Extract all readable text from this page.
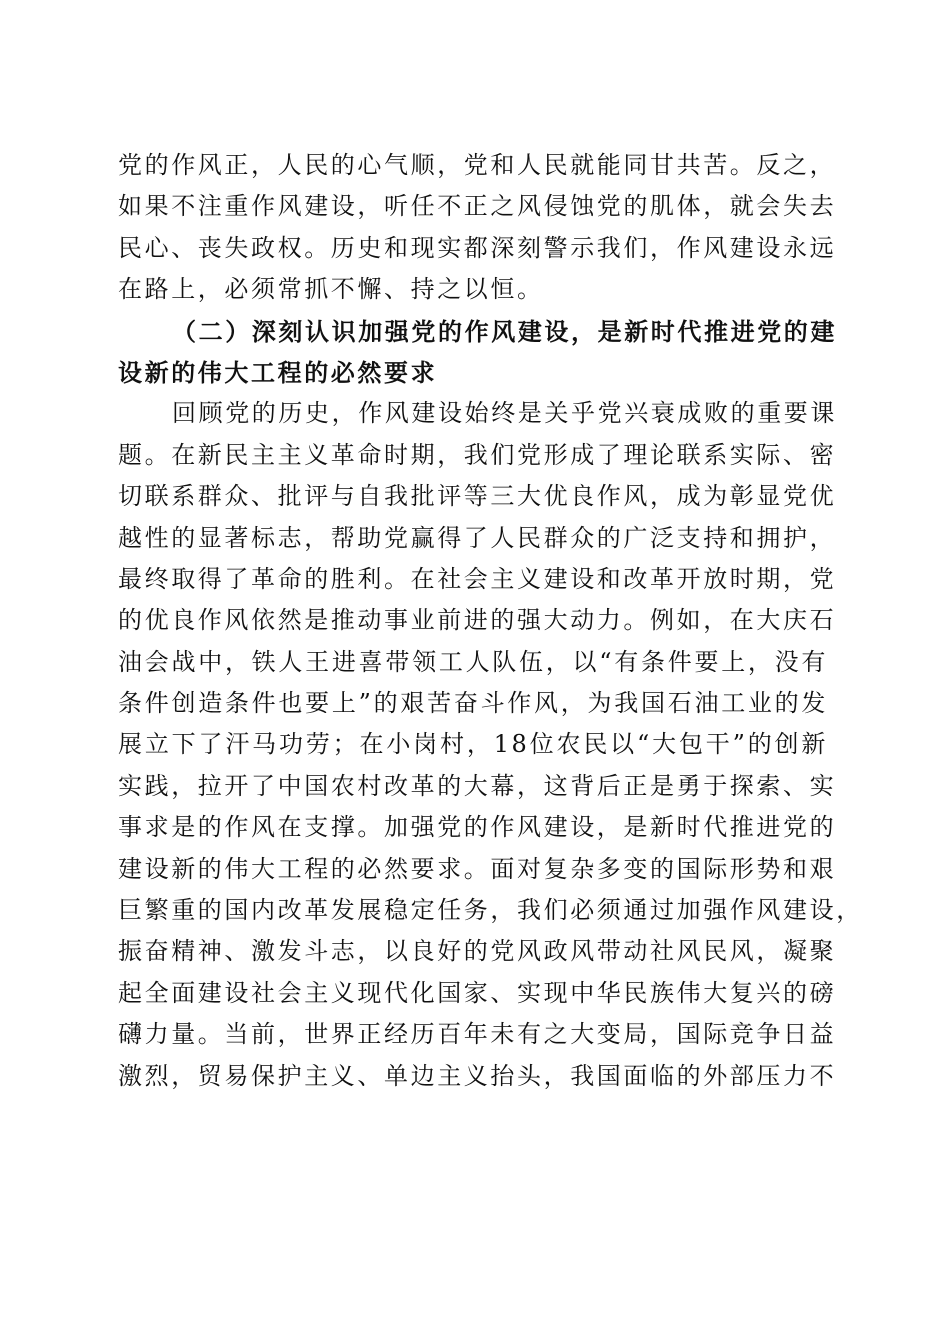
党的作风正，人民的心气顺，党和人民就能同甘共苦。反之，
如果不注重作风建设，听任不正之风侵蚀党的肌体，就会失去
民心、丧失政权。历史和现实都深刻警示我们，作风建设永远
在路上，必须常抓不懈、持之以恒。
（二）深刻认识加强党的作风建设，是新时代推进党的建
设新的伟大工程的必然要求
回顾党的历史，作风建设始终是关乎党兴衰成败的重要课
题。在新民主主义革命时期，我们党形成了理论联系实际、密
切联系群众、批评与自我批评等三大优良作风，成为彰显党优
越性的显著标志，帮助党赢得了人民群众的广泛支持和拥护，
最终取得了革命的胜利。在社会主义建设和改革开放时期，党
的优良作风依然是推动事业前进的强大动力。例如，在大庆石
油会战中，铁人王进喜带领工人队伍，以“有条件要上，没有
条件创造条件也要上”的艰苦奋斗作风，为我国石油工业的发
展立下了汗马功劳；在小岗村，18位农民以“大包干”的创新
实践，拉开了中国农村改革的大幕，这背后正是勇于探索、实
事求是的作风在支撑。加强党的作风建设，是新时代推进党的
建设新的伟大工程的必然要求。面对复杂多变的国际形势和艰
巨繁重的国内改革发展稳定任务，我们必须通过加强作风建设，
振奋精神、激发斗志，以良好的党风政风带动社风民风，凝聚
起全面建设社会主义现代化国家、实现中华民族伟大复兴的磅
礴力量。当前，世界正经历百年未有之大变局，国际竞争日益
激烈，贸易保护主义、单边主义抬头，我国面临的外部压力不
